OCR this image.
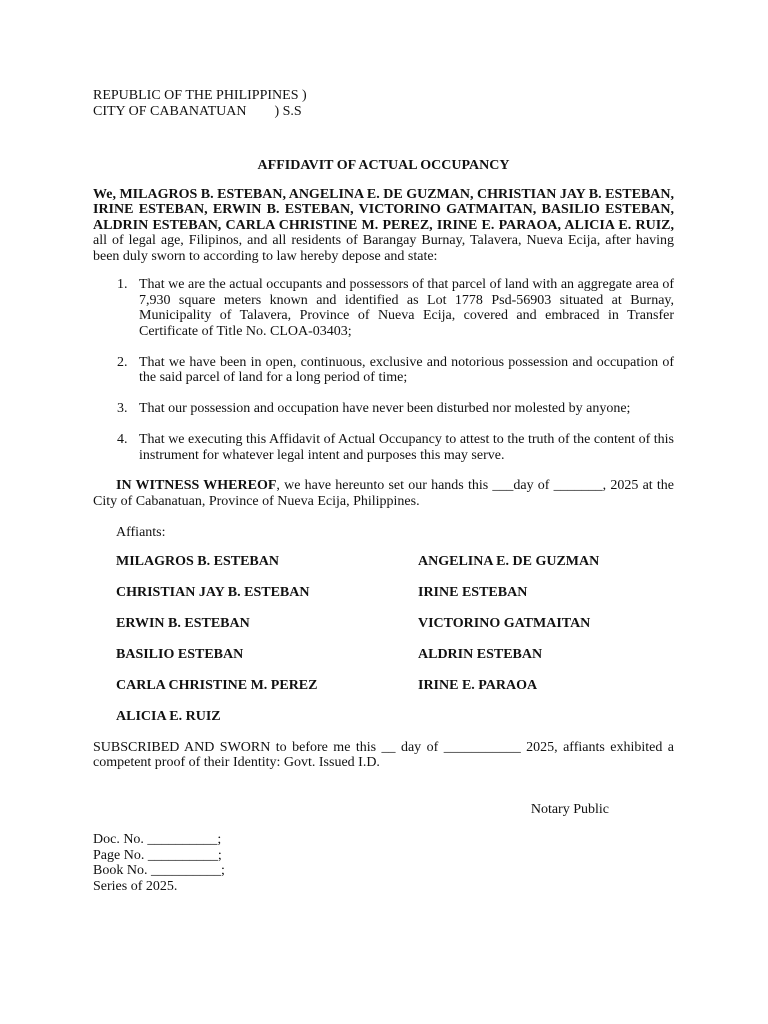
REPUBLIC OF THE PHILIPPINES )
CITY OF CABANATUAN        ) S.S
AFFIDAVIT OF ACTUAL OCCUPANCY
We, MILAGROS B. ESTEBAN, ANGELINA E. DE GUZMAN, CHRISTIAN JAY B. ESTEBAN, IRINE ESTEBAN, ERWIN B. ESTEBAN, VICTORINO GATMAITAN, BASILIO ESTEBAN, ALDRIN ESTEBAN, CARLA CHRISTINE M. PEREZ, IRINE E. PARAOA, ALICIA E. RUIZ, all of legal age, Filipinos, and all residents of Barangay Burnay, Talavera, Nueva Ecija, after having been duly sworn to according to law hereby depose and state:
1. That we are the actual occupants and possessors of that parcel of land with an aggregate area of 7,930 square meters known and identified as Lot 1778 Psd-56903 situated at Burnay, Municipality of Talavera, Province of Nueva Ecija, covered and embraced in Transfer Certificate of Title No. CLOA-03403;
2. That we have been in open, continuous, exclusive and notorious possession and occupation of the said parcel of land for a long period of time;
3. That our possession and occupation have never been disturbed nor molested by anyone;
4. That we executing this Affidavit of Actual Occupancy to attest to the truth of the content of this instrument for whatever legal intent and purposes this may serve.
IN WITNESS WHEREOF, we have hereunto set our hands this ___day of _______, 2025 at the City of Cabanatuan, Province of Nueva Ecija, Philippines.
Affiants:
MILAGROS B. ESTEBAN	ANGELINA E. DE GUZMAN
CHRISTIAN JAY B. ESTEBAN	IRINE ESTEBAN
ERWIN B. ESTEBAN	VICTORINO GATMAITAN
BASILIO ESTEBAN	ALDRIN ESTEBAN
CARLA CHRISTINE M. PEREZ	IRINE E. PARAOA
ALICIA E. RUIZ
SUBSCRIBED AND SWORN to before me this __ day of ___________ 2025, affiants exhibited a competent proof of their Identity: Govt. Issued I.D.
Notary Public
Doc. No. __________;
Page No. __________;
Book No. __________;
Series of 2025.
